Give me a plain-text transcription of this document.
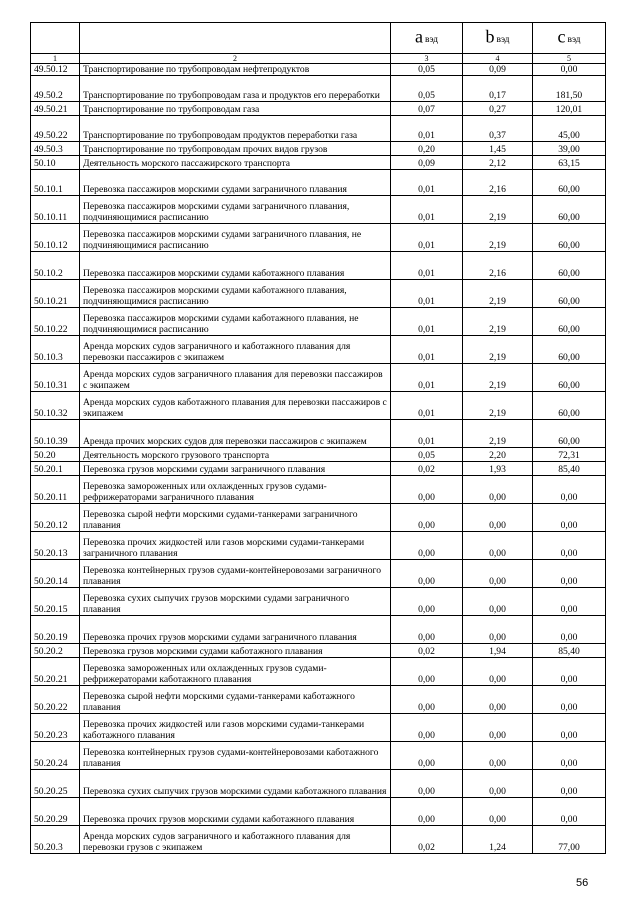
		a вэд	b вэд	c вэд
1	2	3	4	5
49.50.12	Транспортирование по трубопроводам нефтепродуктов	0,05	0,09	0,00
49.50.2	Транспортирование по трубопроводам газа и продуктов его переработки	0,05	0,17	181,50
49.50.21	Транспортирование по трубопроводам газа	0,07	0,27	120,01
49.50.22	Транспортирование по трубопроводам продуктов переработки газа	0,01	0,37	45,00
49.50.3	Транспортирование по трубопроводам прочих видов грузов	0,20	1,45	39,00
50.10	Деятельность морского пассажирского транспорта	0,09	2,12	63,15
50.10.1	Перевозка пассажиров морскими судами заграничного плавания	0,01	2,16	60,00
50.10.11	Перевозка пассажиров морскими судами заграничного плавания, подчиняющимися расписанию	0,01	2,19	60,00
50.10.12	Перевозка пассажиров морскими судами заграничного плавания, не подчиняющимися расписанию	0,01	2,19	60,00
50.10.2	Перевозка пассажиров морскими судами каботажного плавания	0,01	2,16	60,00
50.10.21	Перевозка пассажиров морскими судами каботажного плавания, подчиняющимися расписанию	0,01	2,19	60,00
50.10.22	Перевозка пассажиров морскими судами каботажного плавания, не подчиняющимися расписанию	0,01	2,19	60,00
50.10.3	Аренда морских судов заграничного и каботажного плавания для перевозки пассажиров с экипажем	0,01	2,19	60,00
50.10.31	Аренда морских судов заграничного плавания для перевозки пассажиров с экипажем	0,01	2,19	60,00
50.10.32	Аренда морских судов каботажного плавания для перевозки пассажиров с экипажем	0,01	2,19	60,00
50.10.39	Аренда прочих морских судов для перевозки пассажиров с экипажем	0,01	2,19	60,00
50.20	Деятельность морского грузового транспорта	0,05	2,20	72,31
50.20.1	Перевозка грузов морскими судами заграничного плавания	0,02	1,93	85,40
50.20.11	Перевозка замороженных или охлажденных грузов судами-рефрижераторами заграничного плавания	0,00	0,00	0,00
50.20.12	Перевозка сырой нефти морскими судами-танкерами заграничного плавания	0,00	0,00	0,00
50.20.13	Перевозка прочих жидкостей или газов морскими судами-танкерами заграничного плавания	0,00	0,00	0,00
50.20.14	Перевозка контейнерных грузов судами-контейнеровозами заграничного плавания	0,00	0,00	0,00
50.20.15	Перевозка сухих сыпучих грузов морскими судами заграничного плавания	0,00	0,00	0,00
50.20.19	Перевозка прочих грузов морскими судами заграничного плавания	0,00	0,00	0,00
50.20.2	Перевозка грузов морскими судами каботажного плавания	0,02	1,94	85,40
50.20.21	Перевозка замороженных или охлажденных грузов судами-рефрижераторами каботажного плавания	0,00	0,00	0,00
50.20.22	Перевозка сырой нефти морскими судами-танкерами каботажного плавания	0,00	0,00	0,00
50.20.23	Перевозка прочих жидкостей или газов морскими судами-танкерами каботажного плавания	0,00	0,00	0,00
50.20.24	Перевозка контейнерных грузов судами-контейнеровозами каботажного плавания	0,00	0,00	0,00
50.20.25	Перевозка сухих сыпучих грузов морскими судами каботажного плавания	0,00	0,00	0,00
50.20.29	Перевозка прочих грузов морскими судами каботажного плавания	0,00	0,00	0,00
50.20.3	Аренда морских судов заграничного и каботажного плавания для перевозки грузов с экипажем	0,02	1,24	77,00
56
